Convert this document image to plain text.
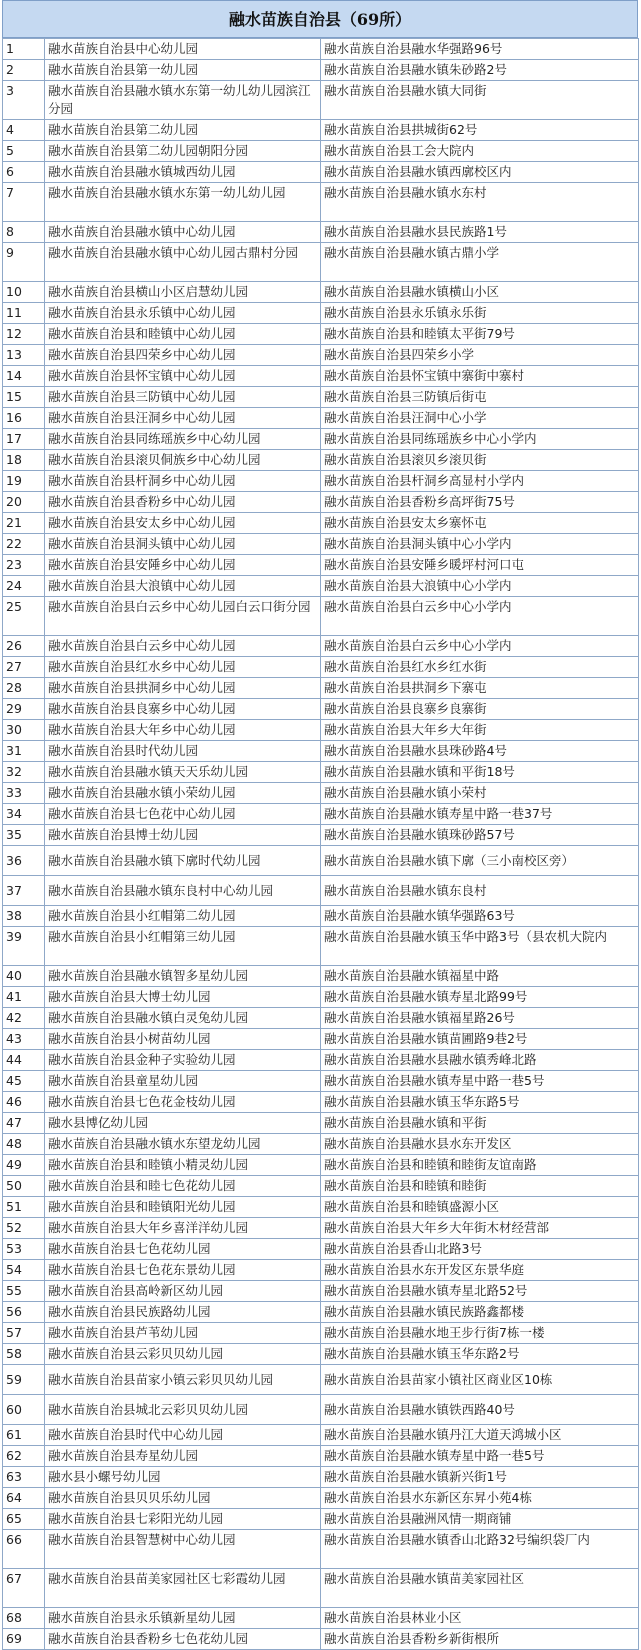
融水苗族自治县（69所）
1	融水苗族自治县中心幼儿园	融水苗族自治县融水华强路96号
2	融水苗族自治县第一幼儿园	融水苗族自治县融水镇朱砂路2号
3	融水苗族自治县融水镇水东第一幼儿幼儿园滨江分园	融水苗族自治县融水镇大同街
4	融水苗族自治县第二幼儿园	融水苗族自治县拱城街62号
5	融水苗族自治县第二幼儿园朝阳分园	融水苗族自治县工会大院内
6	融水苗族自治县融水镇城西幼儿园	融水苗族自治县融水镇西廓校区内
7	融水苗族自治县融水镇水东第一幼儿幼儿园	融水苗族自治县融水镇水东村
8	融水苗族自治县融水镇中心幼儿园	融水苗族自治县融水县民族路1号
9	融水苗族自治县融水镇中心幼儿园古鼎村分园	融水苗族自治县融水镇古鼎小学
10	融水苗族自治县横山小区启慧幼儿园	融水苗族自治县融水镇横山小区
11	融水苗族自治县永乐镇中心幼儿园	融水苗族自治县永乐镇永乐街
12	融水苗族自治县和睦镇中心幼儿园	融水苗族自治县和睦镇太平街79号
13	融水苗族自治县四荣乡中心幼儿园	融水苗族自治县四荣乡小学
14	融水苗族自治县怀宝镇中心幼儿园	融水苗族自治县怀宝镇中寨街中寨村
15	融水苗族自治县三防镇中心幼儿园	融水苗族自治县三防镇后街屯
16	融水苗族自治县汪洞乡中心幼儿园	融水苗族自治县汪洞中心小学
17	融水苗族自治县同练瑶族乡中心幼儿园	融水苗族自治县同练瑶族乡中心小学内
18	融水苗族自治县滚贝侗族乡中心幼儿园	融水苗族自治县滚贝乡滚贝街
19	融水苗族自治县杆洞乡中心幼儿园	融水苗族自治县杆洞乡高显村小学内
20	融水苗族自治县香粉乡中心幼儿园	融水苗族自治县香粉乡高坪街75号
21	融水苗族自治县安太乡中心幼儿园	融水苗族自治县安太乡寨怀屯
22	融水苗族自治县洞头镇中心幼儿园	融水苗族自治县洞头镇中心小学内
23	融水苗族自治县安陲乡中心幼儿园	融水苗族自治县安陲乡暖坪村河口屯
24	融水苗族自治县大浪镇中心幼儿园	融水苗族自治县大浪镇中心小学内
25	融水苗族自治县白云乡中心幼儿园白云口街分园	融水苗族自治县白云乡中心小学内
26	融水苗族自治县白云乡中心幼儿园	融水苗族自治县白云乡中心小学内
27	融水苗族自治县红水乡中心幼儿园	融水苗族自治县红水乡红水街
28	融水苗族自治县拱洞乡中心幼儿园	融水苗族自治县拱洞乡下寨屯
29	融水苗族自治县良寨乡中心幼儿园	融水苗族自治县良寨乡良寨街
30	融水苗族自治县大年乡中心幼儿园	融水苗族自治县大年乡大年街
31	融水苗族自治县时代幼儿园	融水苗族自治县融水县珠砂路4号
32	融水苗族自治县融水镇天天乐幼儿园	融水苗族自治县融水镇和平街18号
33	融水苗族自治县融水镇小荣幼儿园	融水苗族自治县融水镇小荣村
34	融水苗族自治县七色花中心幼儿园	融水苗族自治县融水镇寿星中路一巷37号
35	融水苗族自治县博士幼儿园	融水苗族自治县融水镇珠砂路57号
36	融水苗族自治县融水镇下廓时代幼儿园	融水苗族自治县融水镇下廓（三小南校区旁）
37	融水苗族自治县融水镇东良村中心幼儿园	融水苗族自治县融水镇东良村
38	融水苗族自治县小红帽第二幼儿园	融水苗族自治县融水镇华强路63号
39	融水苗族自治县小红帽第三幼儿园	融水苗族自治县融水镇玉华中路3号（县农机大院内
40	融水苗族自治县融水镇智多星幼儿园	融水苗族自治县融水镇福星中路
41	融水苗族自治县大博士幼儿园	融水苗族自治县融水镇寿星北路99号
42	融水苗族自治县融水镇白灵兔幼儿园	融水苗族自治县融水镇福星路26号
43	融水苗族自治县小树苗幼儿园	融水苗族自治县融水镇苗圃路9巷2号
44	融水苗族自治县金种子实验幼儿园	融水苗族自治县融水县融水镇秀峰北路
45	融水苗族自治县童星幼儿园	融水苗族自治县融水镇寿星中路一巷5号
46	融水苗族自治县七色花金枝幼儿园	融水苗族自治县融水镇玉华东路5号
47	融水县博亿幼儿园	融水苗族自治县融水镇和平街
48	融水苗族自治县融水镇水东望龙幼儿园	融水苗族自治县融水县水东开发区
49	融水苗族自治县和睦镇小精灵幼儿园	融水苗族自治县和睦镇和睦街友谊南路
50	融水苗族自治县和睦七色花幼儿园	融水苗族自治县和睦镇和睦街
51	融水苗族自治县和睦镇阳光幼儿园	融水苗族自治县和睦镇盛源小区
52	融水苗族自治县大年乡喜洋洋幼儿园	融水苗族自治县大年乡大年街木材经营部
53	融水苗族自治县七色花幼儿园	融水苗族自治县香山北路3号
54	融水苗族自治县七色花东景幼儿园	融水苗族自治县水东开发区东景华庭
55	融水苗族自治县高岭新区幼儿园	融水苗族自治县融水镇寿星北路52号
56	融水苗族自治县民族路幼儿园	融水苗族自治县融水镇民族路鑫都楼
57	融水苗族自治县芦苇幼儿园	融水苗族自治县融水地王步行街7栋一楼
58	融水苗族自治县云彩贝贝幼儿园	融水苗族自治县融水镇玉华东路2号
59	融水苗族自治县苗家小镇云彩贝贝幼儿园	融水苗族自治县苗家小镇社区商业区10栋
60	融水苗族自治县城北云彩贝贝幼儿园	融水苗族自治县融水镇铁西路40号
61	融水苗族自治县时代中心幼儿园	融水苗族自治县融水镇丹江大道天鸿城小区
62	融水苗族自治县寿星幼儿园	融水苗族自治县融水镇寿星中路一巷5号
63	融水县小螺号幼儿园	融水苗族自治县融水镇新兴街1号
64	融水苗族自治县贝贝乐幼儿园	融水苗族自治县水东新区东昇小苑4栋
65	融水苗族自治县七彩阳光幼儿园	融水苗族自治县融洲风情一期商铺
66	融水苗族自治县智慧树中心幼儿园	融水苗族自治县融水镇香山北路32号编织袋厂内
67	融水苗族自治县苗美家园社区七彩霞幼儿园	融水苗族自治县融水镇苗美家园社区
68	融水苗族自治县永乐镇新星幼儿园	融水苗族自治县林业小区
69	融水苗族自治县香粉乡七色花幼儿园	融水苗族自治县香粉乡新街根所
